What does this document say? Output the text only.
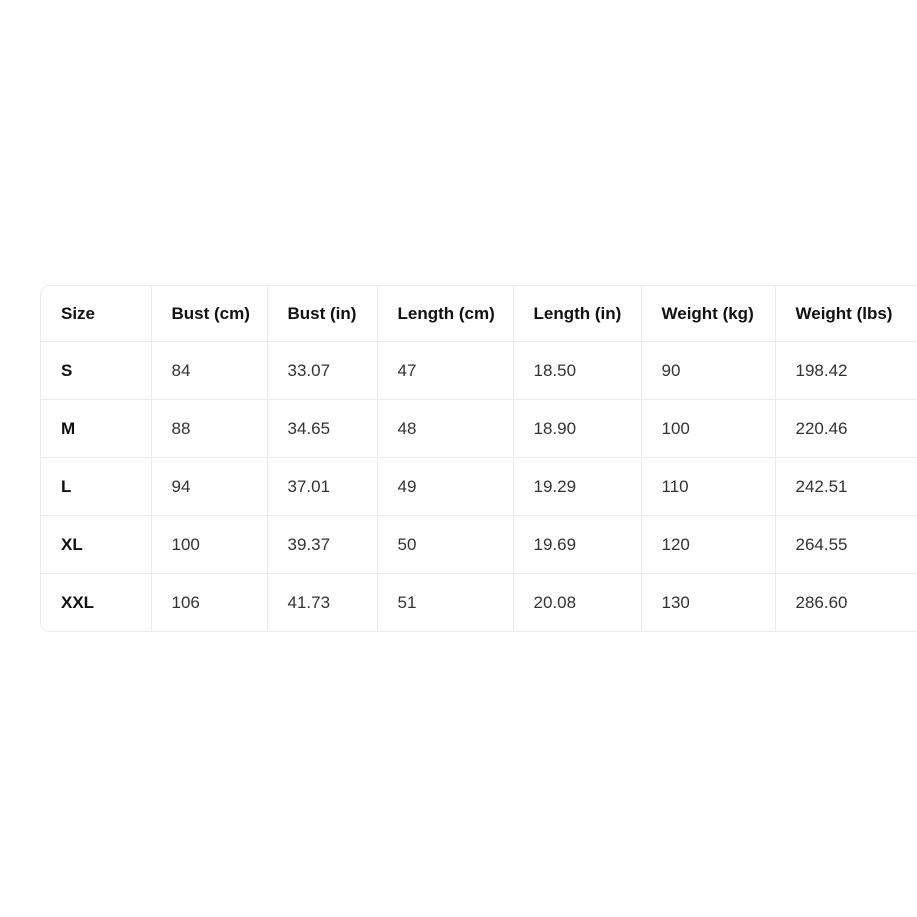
Size	Bust (cm)	Bust (in)	Length (cm)	Length (in)	Weight (kg)	Weight (lbs)
S	84	33.07	47	18.50	90	198.42
M	88	34.65	48	18.90	100	220.46
L	94	37.01	49	19.29	110	242.51
XL	100	39.37	50	19.69	120	264.55
XXL	106	41.73	51	20.08	130	286.60
